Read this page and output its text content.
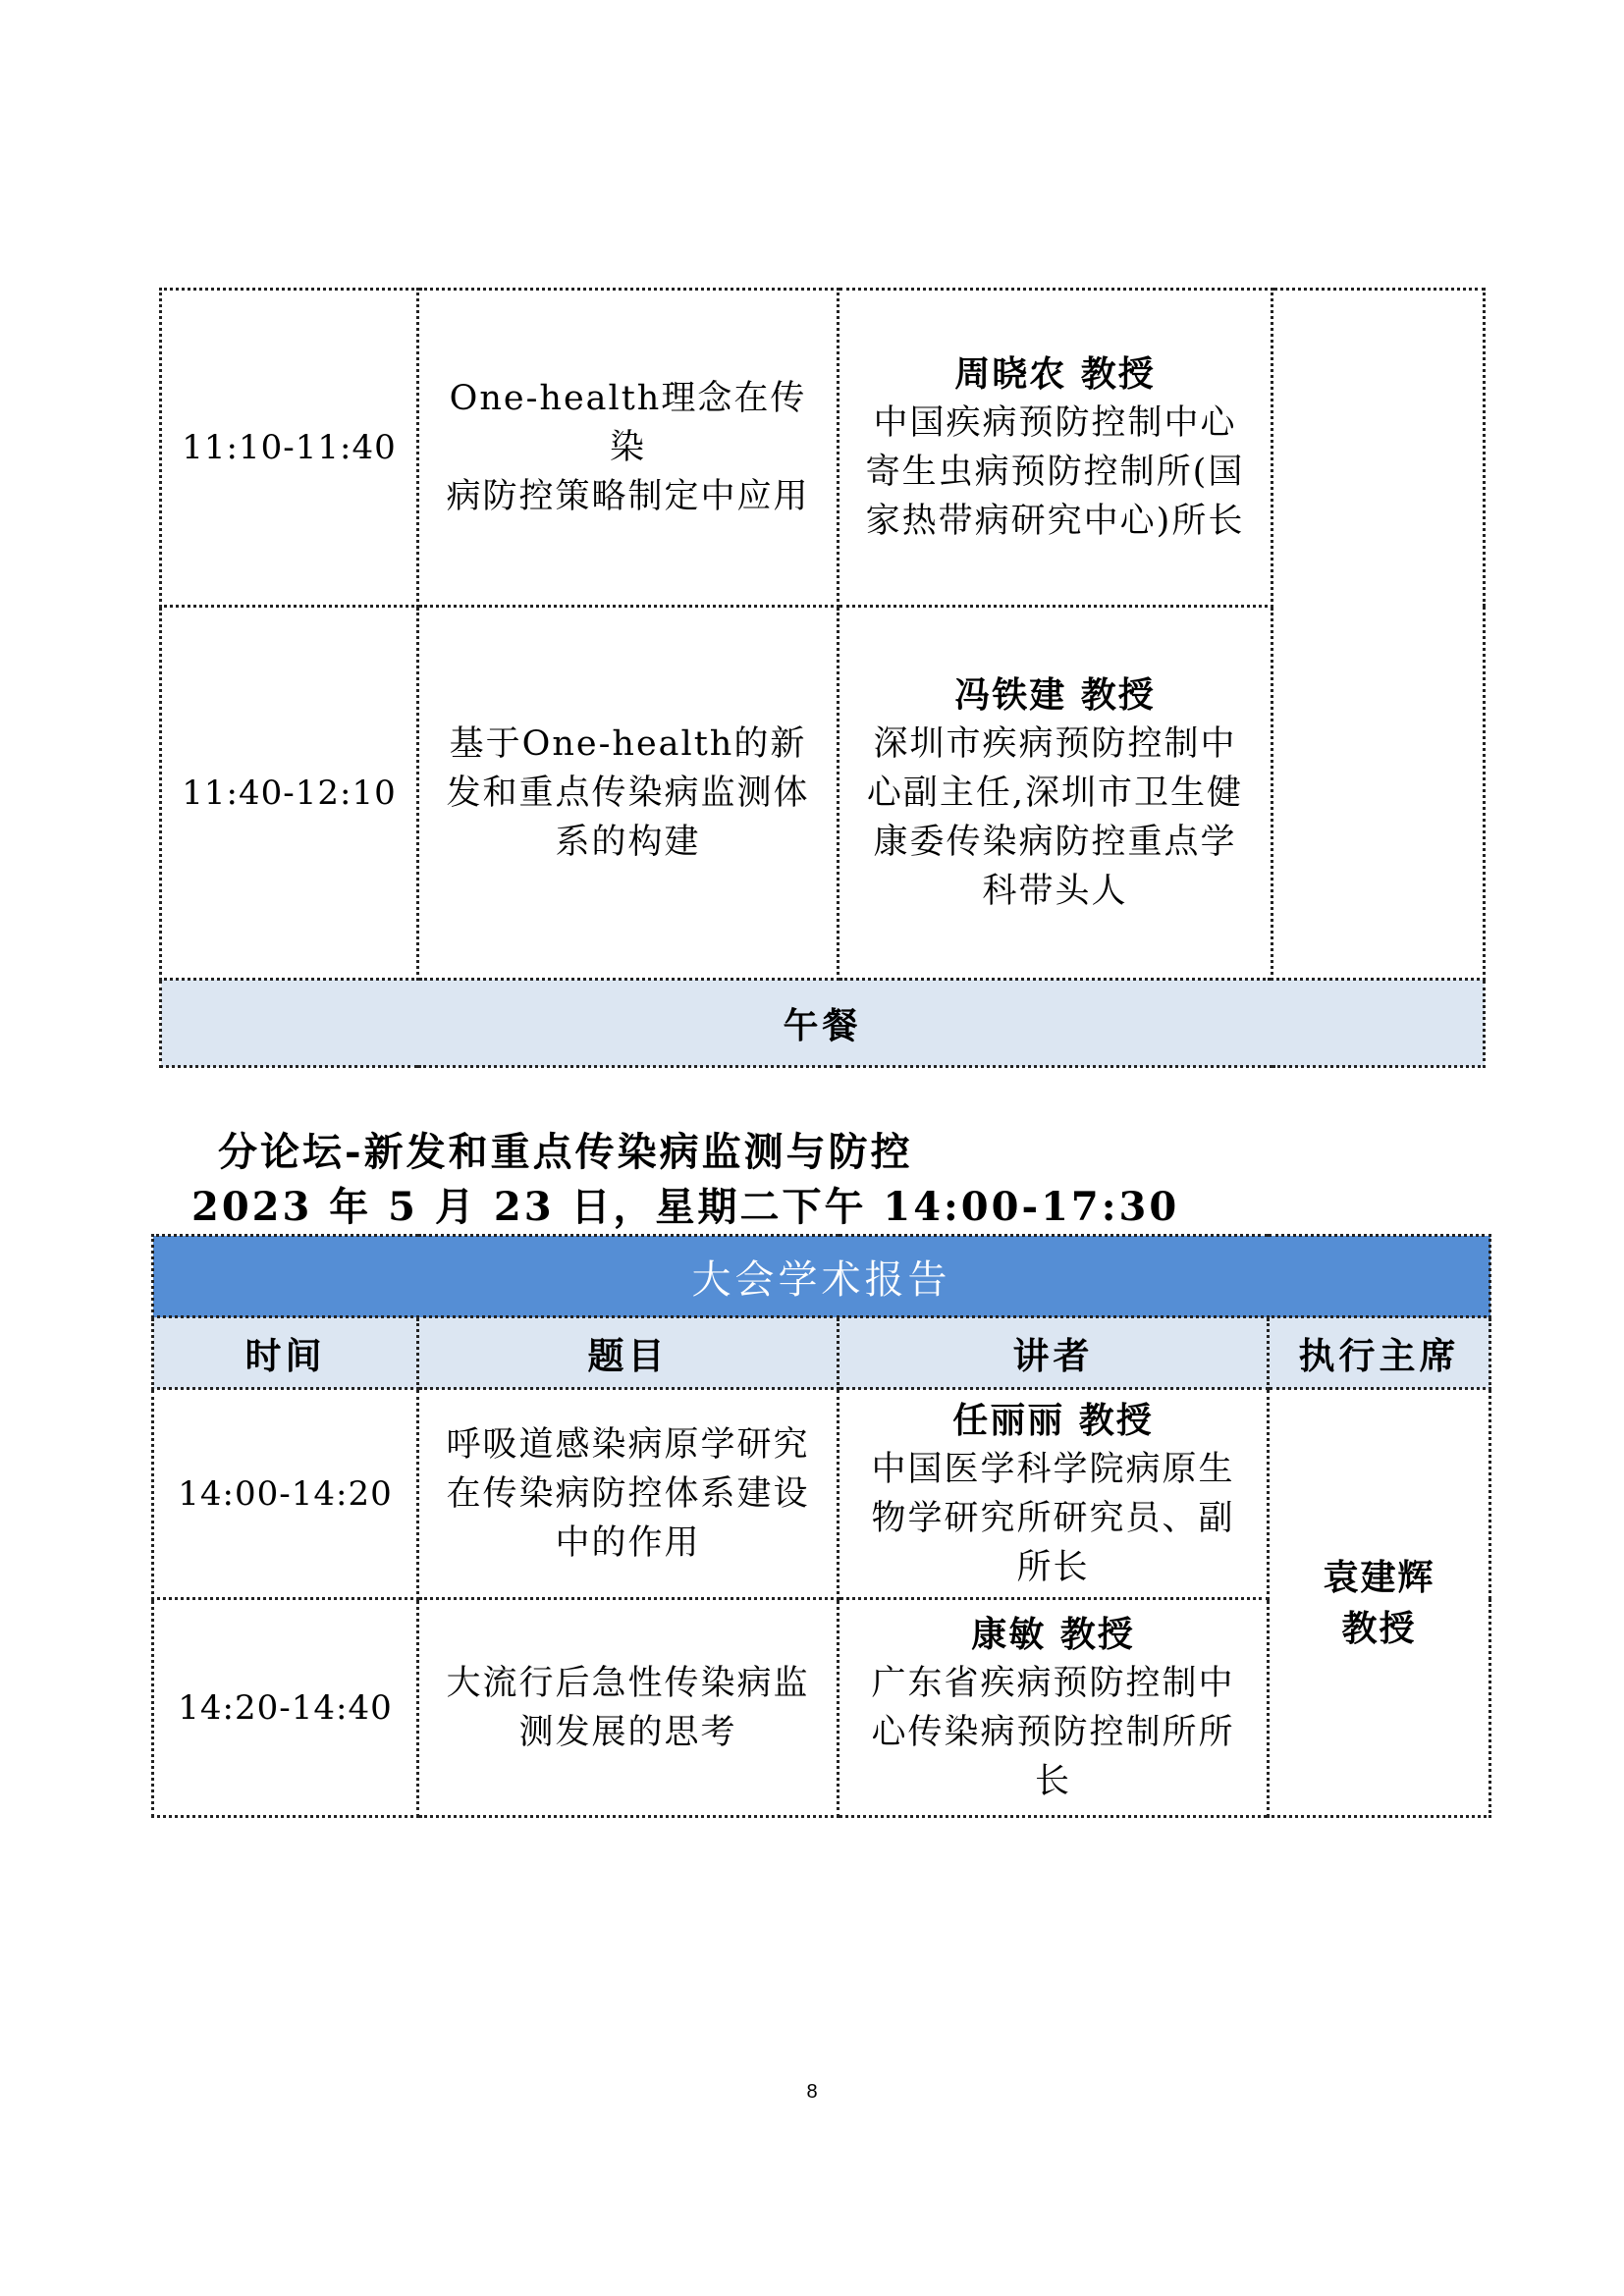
11:10-11:40	One-health理念在传染
病防控策略制定中应用	周晓农 教授
中国疾病预防控制中心
寄生虫病预防控制所(国
家热带病研究中心)所长	

11:40-12:10	基于One-health的新
发和重点传染病监测体
系的构建	冯铁建 教授
深圳市疾病预防控制中
心副主任,深圳市卫生健
康委传染病防控重点学
科带头人	

午餐			
分论坛-新发和重点传染病监测与防控
2023 年 5 月 23 日，星期二下午 14:00-17:30
大会学术报告			
时间	题目	讲者	执行主席
14:00-14:20	呼吸道感染病原学研究
在传染病防控体系建设
中的作用	任丽丽 教授
中国医学科学院病原生
物学研究所研究员、副
所长	袁建辉
教授

14:20-14:40	大流行后急性传染病监
测发展的思考	康敏 教授
广东省疾病预防控制中
心传染病预防控制所所
长	
8
